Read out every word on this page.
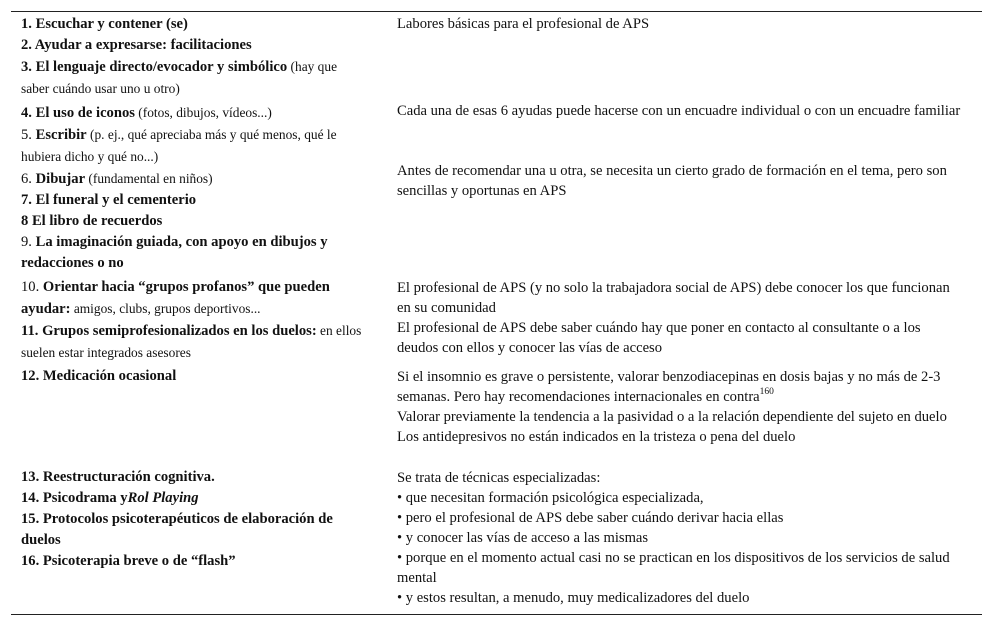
1. Escuchar y contener (se)
2. Ayudar a expresarse: facilitaciones
3. El lenguaje directo/evocador y simbólico (hay que saber cuándo usar uno u otro)
Labores básicas para el profesional de APS
4. El uso de iconos (fotos, dibujos, vídeos...)
5. Escribir (p. ej., qué apreciaba más y qué menos, qué le hubiera dicho y qué no...)
6. Dibujar (fundamental en niños)
7. El funeral y el cementerio
8 El libro de recuerdos
9. La imaginación guiada, con apoyo en dibujos y redacciones o no
Cada una de esas 6 ayudas puede hacerse con un encuadre individual o con un encuadre familiar
Antes de recomendar una u otra, se necesita un cierto grado de formación en el tema, pero son sencillas y oportunas en APS
10. Orientar hacia “grupos profanos” que pueden ayudar: amigos, clubs, grupos deportivos...
11. Grupos semiprofesionalizados en los duelos: en ellos suelen estar integrados asesores
El profesional de APS (y no solo la trabajadora social de APS) debe conocer los que funcionan en su comunidad
El profesional de APS debe saber cuándo hay que poner en contacto al consultante o a los deudos con ellos y conocer las vías de acceso
12. Medicación ocasional	Si el insomnio es grave o persistente, valorar benzodiacepinas en dosis bajas y no más de 2-3 semanas. Pero hay recomendaciones internacionales en contra$^{160}$
Valorar previamente la tendencia a la pasividad o a la relación dependiente del sujeto en duelo
Los antidepresivos no están indicados en la tristeza o pena del duelo
13. Reestructuración cognitiva.
14. Psicodrama yRol Playing
15. Protocolos psicoterapéuticos de elaboración de duelos
16. Psicoterapia breve o de “flash”
Se trata de técnicas especializadas:
• que necesitan formación psicológica especializada,
• pero el profesional de APS debe saber cuándo derivar hacia ellas
• y conocer las vías de acceso a las mismas
• porque en el momento actual casi no se practican en los dispositivos de los servicios de salud mental
• y estos resultan, a menudo, muy medicalizadores del duelo
